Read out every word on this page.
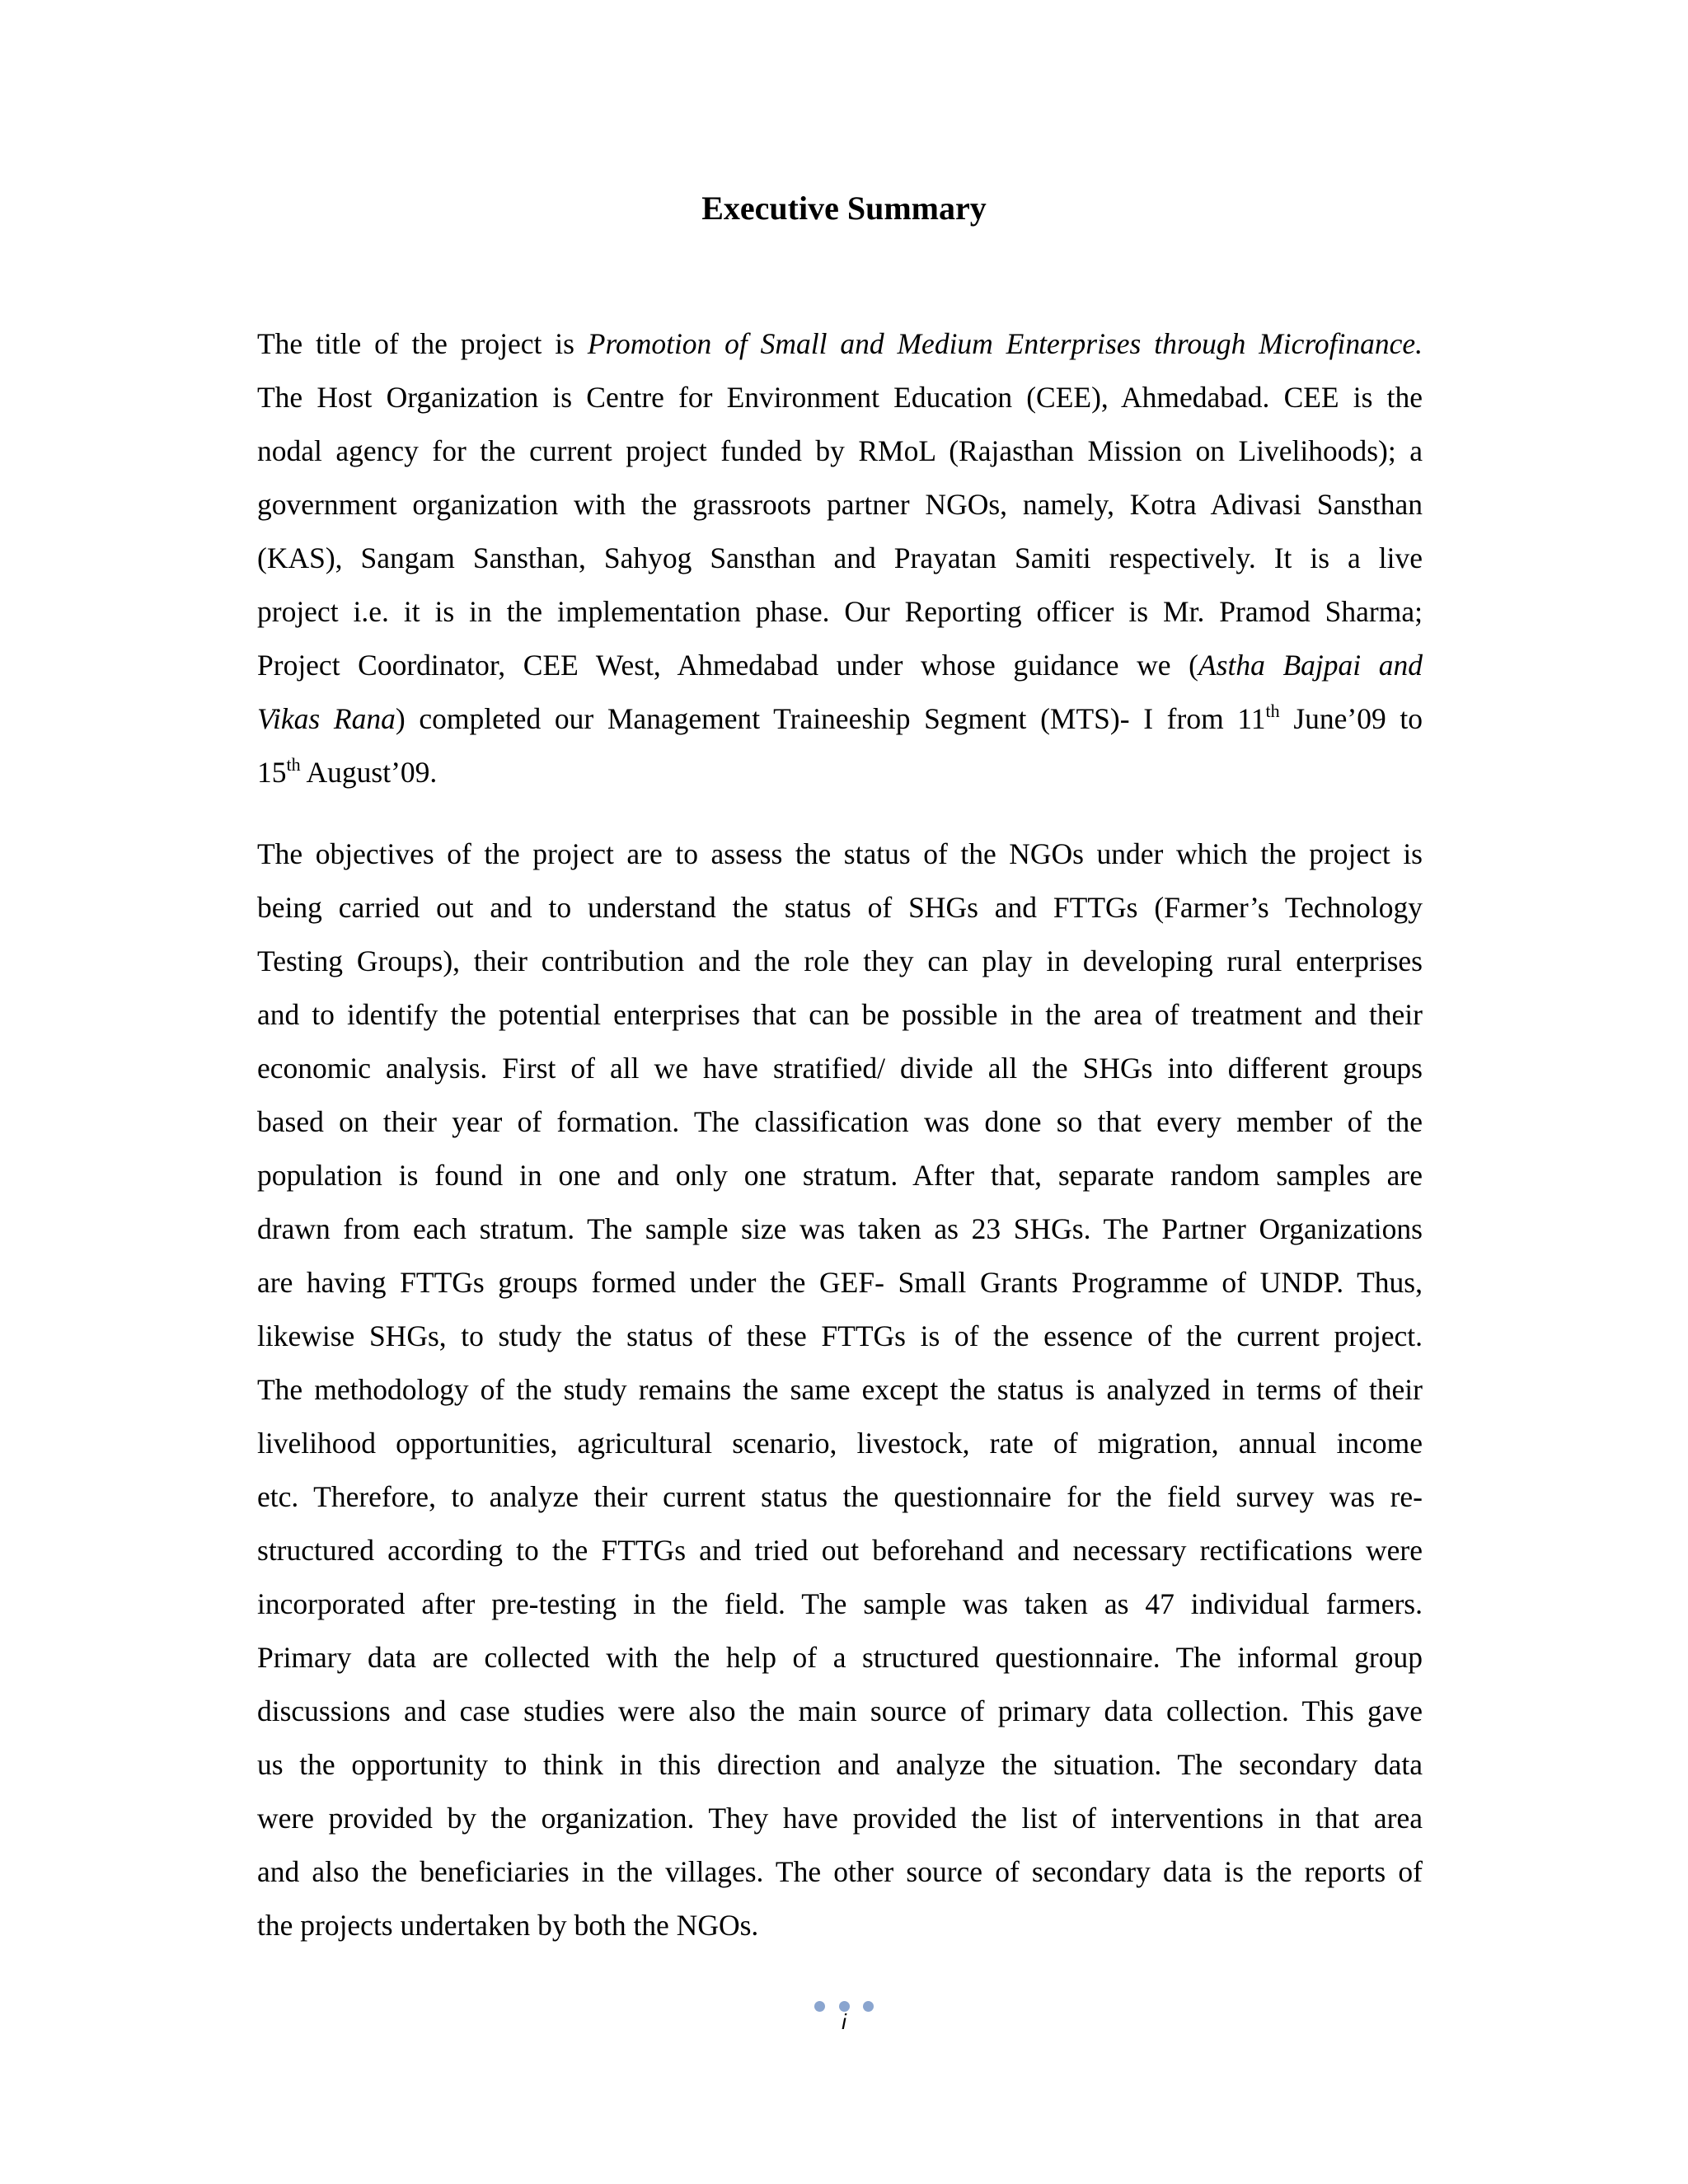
Executive Summary
The title of the project is Promotion of Small and Medium Enterprises through Microfinance.
The Host Organization is Centre for Environment Education (CEE), Ahmedabad. CEE is the
nodal agency for the current project funded by RMoL (Rajasthan Mission on Livelihoods); a
government organization with the grassroots partner NGOs, namely, Kotra Adivasi Sansthan
(KAS), Sangam Sansthan, Sahyog Sansthan and Prayatan Samiti respectively. It is a live
project i.e. it is in the implementation phase. Our Reporting officer is Mr. Pramod Sharma;
Project Coordinator, CEE West, Ahmedabad under whose guidance we (Astha Bajpai and
Vikas Rana) completed our Management Traineeship Segment (MTS)- I from 11th June’09 to
15th August’09.
The objectives of the project are to assess the status of the NGOs under which the project is
being carried out and to understand the status of SHGs and FTTGs (Farmer’s Technology
Testing Groups), their contribution and the role they can play in developing rural enterprises
and to identify the potential enterprises that can be possible in the area of treatment and their
economic analysis. First of all we have stratified/ divide all the SHGs into different groups
based on their year of formation. The classification was done so that every member of the
population is found in one and only one stratum. After that, separate random samples are
drawn from each stratum. The sample size was taken as 23 SHGs. The Partner Organizations
are having FTTGs groups formed under the GEF- Small Grants Programme of UNDP. Thus,
likewise SHGs, to study the status of these FTTGs is of the essence of the current project.
The methodology of the study remains the same except the status is analyzed in terms of their
livelihood opportunities, agricultural scenario, livestock, rate of migration, annual income
etc. Therefore, to analyze their current status the questionnaire for the field survey was re-
structured according to the FTTGs and tried out beforehand and necessary rectifications were
incorporated after pre-testing in the field. The sample was taken as 47 individual farmers.
Primary data are collected with the help of a structured questionnaire. The informal group
discussions and case studies were also the main source of primary data collection. This gave
us the opportunity to think in this direction and analyze the situation. The secondary data
were provided by the organization. They have provided the list of interventions in that area
and also the beneficiaries in the villages. The other source of secondary data is the reports of
the projects undertaken by both the NGOs.
i
